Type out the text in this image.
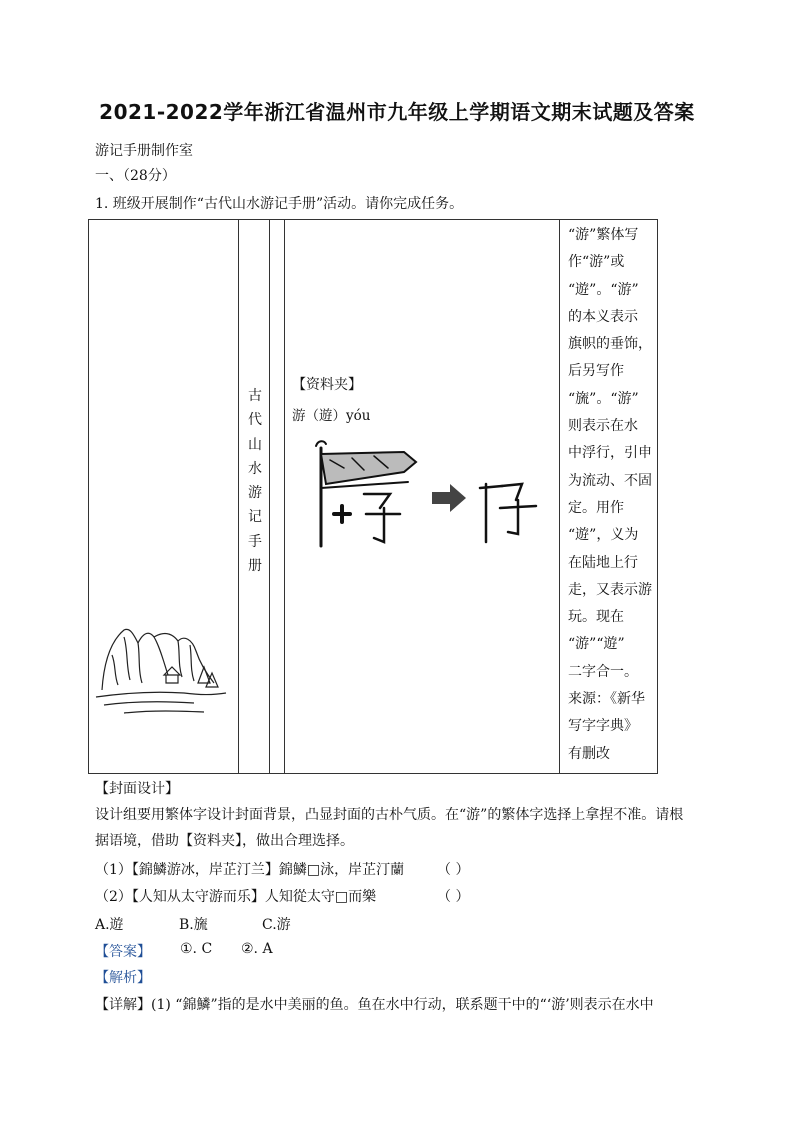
2021-2022学年浙江省温州市九年级上学期语文期末试题及答案
游记手册制作室
一、（28分）
1. 班级开展制作“古代山水游记手册”活动。请你完成任务。
古
代
山
水
游
记
手
册
【资料夹】
游（遊）yóu
“游”繁体写
作“游”或
“遊”。“游”
的本义表示
旗帜的垂饰，
后另写作
“旒”。“游”
则表示在水
中浮行，引申
为流动、不固
定。用作
“遊”，义为
在陆地上行
走，又表示游
玩。现在
“游”“遊”
二字合一。
来源：《新华
写字字典》
有删改
【封面设计】
设计组要用繁体字设计封面背景，凸显封面的古朴气质。在“游”的繁体字选择上拿捏不准。请根
据语境，借助【资料夹】，做出合理选择。
（1）【錦鱗游冰，岸芷汀兰】錦鱗□泳，岸芷汀蘭 （ ）
（2）【人知从太守游而乐】人知從太守□而樂	（ ）
A.遊	B.旒	C.游
【答案】 ①. C ②. A
【解析】
【详解】(1) “錦鱗”指的是水中美丽的鱼。鱼在水中行动，联系题干中的“‘游’则表示在水中
